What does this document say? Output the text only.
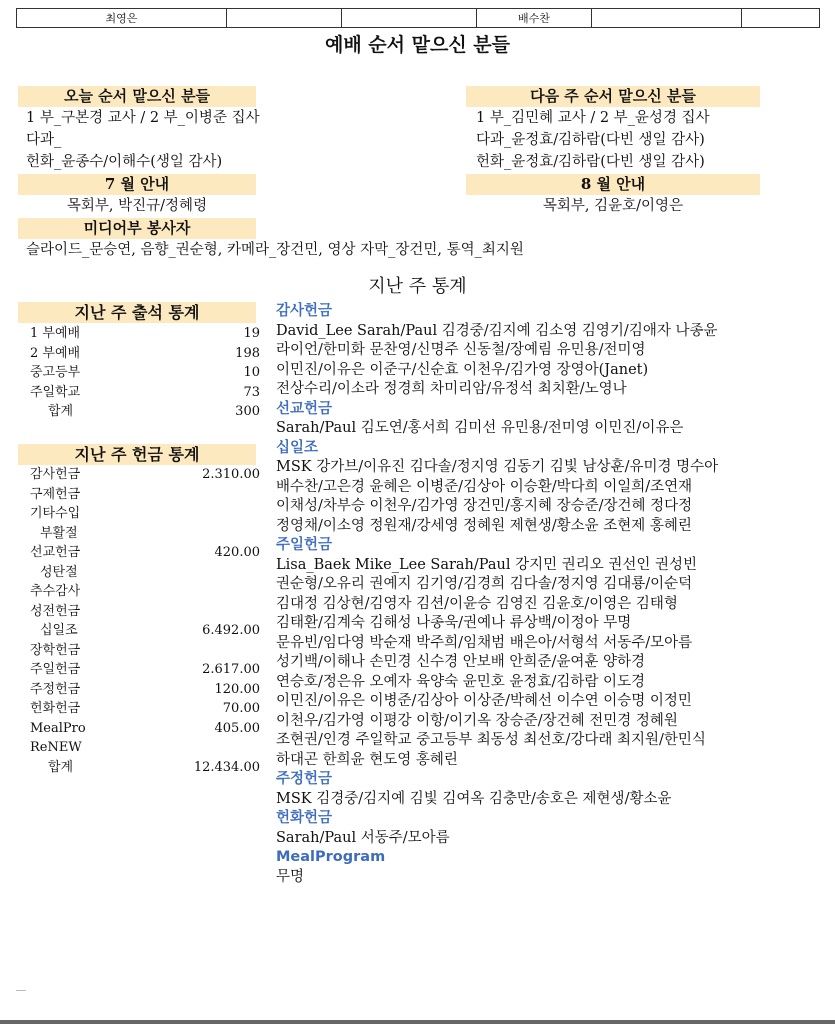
최영은			배수찬			
예배 순서 맡으신 분들
오늘 순서 맡으신 분들
1 부_구본경 교사 / 2 부_이병준 집사
다과_
헌화_윤종수/이해수(생일 감사)
다음 주 순서 맡으신 분들
1 부_김민혜 교사 / 2 부_윤성경 집사
다과_윤정효/김하람(다빈 생일 감사)
헌화_윤정효/김하람(다빈 생일 감사)
7 월 안내
목회부, 박진규/정혜령
8 월 안내
목회부, 김윤호/이영은
미디어부 봉사자
슬라이드_문승연, 음향_권순형, 카메라_장건민, 영상 자막_장건민, 통역_최지원
지난 주 통계
지난 주 출석 통계
1 부예배	19
2 부예배	198
중고등부	10
주일학교	73
합계	300
지난 주 헌금 통계
감사헌금	2.310.00
구제헌금
기타수입
부활절
선교헌금	420.00
성탄절
추수감사
성전헌금
십일조	6.492.00
장학헌금
주일헌금	2.617.00
주정헌금	120.00
헌화헌금	70.00
MealPro	405.00
ReNEW
합계	12.434.00
감사헌금
David_Lee Sarah/Paul 김경중/김지예 김소영 김영기/김애자 나종윤
라이언/한미화 문찬영/신명주 신동철/장예림 유민용/전미영
이민진/이유은 이준구/신순효 이천우/김가영 장영아(Janet)
전상수리/이소라 정경희 차미리암/유정석 최치환/노영나
선교헌금
Sarah/Paul 김도연/홍서희 김미선 유민용/전미영 이민진/이유은
십일조
MSK 강가브/이유진 김다솔/정지영 김동기 김빛 남상훈/유미경 명수아
배수찬/고은경 윤혜은 이병준/김상아 이승환/박다희 이일희/조연재
이채성/차부승 이천우/김가영 장건민/홍지혜 장승준/장건혜 정다정
정영채/이소영 정원재/강세영 정혜원 제현생/황소윤 조현제 홍혜린
주일헌금
Lisa_Baek Mike_Lee Sarah/Paul 강지민 권리오 권선인 권성빈
권순형/오유리 권예지 김기영/김경희 김다솔/정지영 김대룡/이순덕
김대정 김상현/김영자 김션/이윤승 김영진 김윤호/이영은 김태형
김태환/김계숙 김해성 나종욱/권예나 류상백/이정아 무명
문유빈/임다영 박순재 박주희/임채범 배은아/서형석 서동주/모아름
성기백/이해나 손민경 신수경 안보배 안희준/윤여훈 양하경
연승호/정은유 오예자 육양숙 윤민호 윤정효/김하람 이도경
이민진/이유은 이병준/김상아 이상준/박혜선 이수연 이승명 이정민
이천우/김가영 이평강 이항/이기옥 장승준/장건혜 전민경 정혜원
조현권/인경 주일학교 중고등부 최동성 최선호/강다래 최지원/한민식
하대곤 한희윤 현도영 홍혜린
주정헌금
MSK 김경중/김지예 김빛 김여옥 김충만/송호은 제현생/황소윤
헌화헌금
Sarah/Paul 서동주/모아름
MealProgram
무명
